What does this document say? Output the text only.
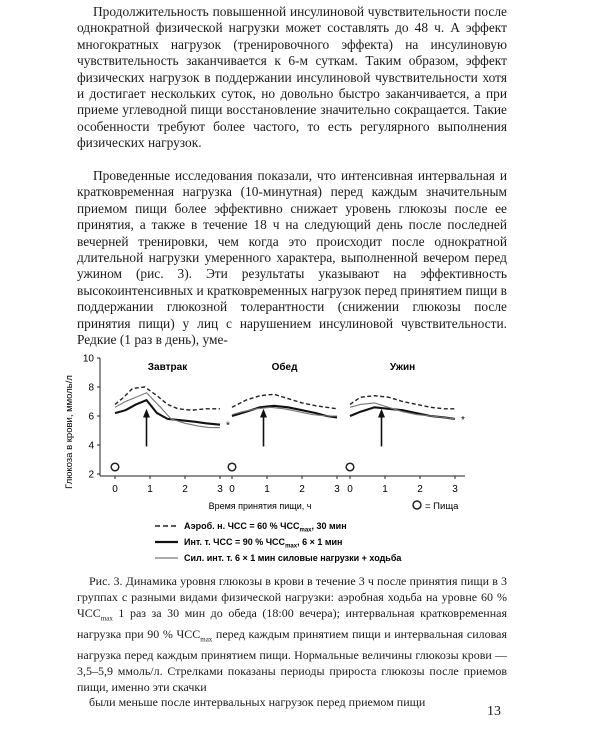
Продолжительность повышенной инсулиновой чувствительности после однократной физической нагрузки может составлять до 48 ч. А эффект многократных нагрузок (тренировочного эффекта) на инсулиновую чувствительность заканчивается к 6-м суткам. Таким образом, эффект физических нагрузок в поддержании инсулиновой чувствительности хотя и достигает нескольких суток, но довольно быстро заканчивается, а при приеме углеводной пищи восстановление значительно сокращается. Такие особенности требуют более частого, то есть регулярного выполнения физических нагрузок.

Проведенные исследования показали, что интенсивная интервальная и кратковременная нагрузка (10-минутная) перед каждым значительным приемом пищи более эффективно снижает уровень глюкозы после ее принятия, а также в течение 18 ч на следующий день после последней вечерней тренировки, чем когда это происходит после однократной длительной нагрузки умеренного характера, выполненной вечером перед ужином (рис. 3). Эти результаты указывают на эффективность высокоинтенсивных и кратковременных нагрузок перед принятием пищи в поддержании глюкозной толерантности (снижении глюкозы после принятия пищи) у лиц с нарушением инсулиновой чувствительности. Редкие (1 раз в день), уме-

Глюкоза в крови, ммоль/л 2
4
6
8
10
Завтрак
*
0	1	2	3
Обед
0	1	2	3
Ужин
*
0	1	2	3
Время принятия пищи, ч	= Пища
Аэроб. н. ЧСС = 60 % $ЧСС_{max}$, 30 мин
Инт. т. ЧСС = 90 % $ЧСС_{max}$, 6 × 1 мин
Сил. инт. т. 6 × 1 мин силовые нагрузки + ходьба

Рис. 3. Динамика уровня глюкозы в крови в течение 3 ч после принятия пищи в 3 группах с разными видами физической нагрузки: аэробная ходьба на уровне 60 % $ЧСС_{max}$ 1 раз за 30 мин до обеда (18:00 вечера); интервальная кратковременная нагрузка при 90 % $ЧСС_{max}$ перед каждым принятием пищи и интервальная силовая нагрузка перед каждым принятием пищи. Нормальные величины глюкозы крови — 3,5–5,9 ммоль/л. Стрелками показаны периоды прироста глюкозы после приемов пищи, именно эти скачки

были меньше после интервальных нагрузок перед приемом пищи

13
